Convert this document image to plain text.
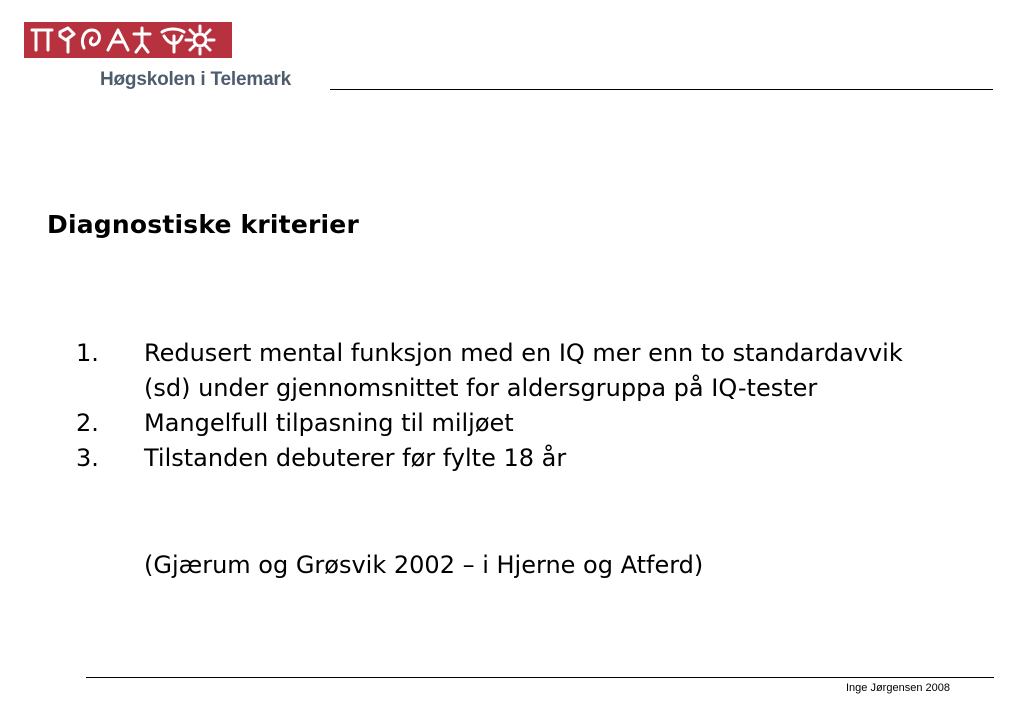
Høgskolen i Telemark
Diagnostiske kriterier
1.	Redusert mental funksjon med en IQ mer enn to standardavvik (sd) under gjennomsnittet for aldersgruppa på IQ-tester
2.	Mangelfull tilpasning til miljøet
3.	Tilstanden debuterer før fylte 18 år

(Gjærum og Grøsvik 2002 – i Hjerne og Atferd)

Inge Jørgensen 2008
